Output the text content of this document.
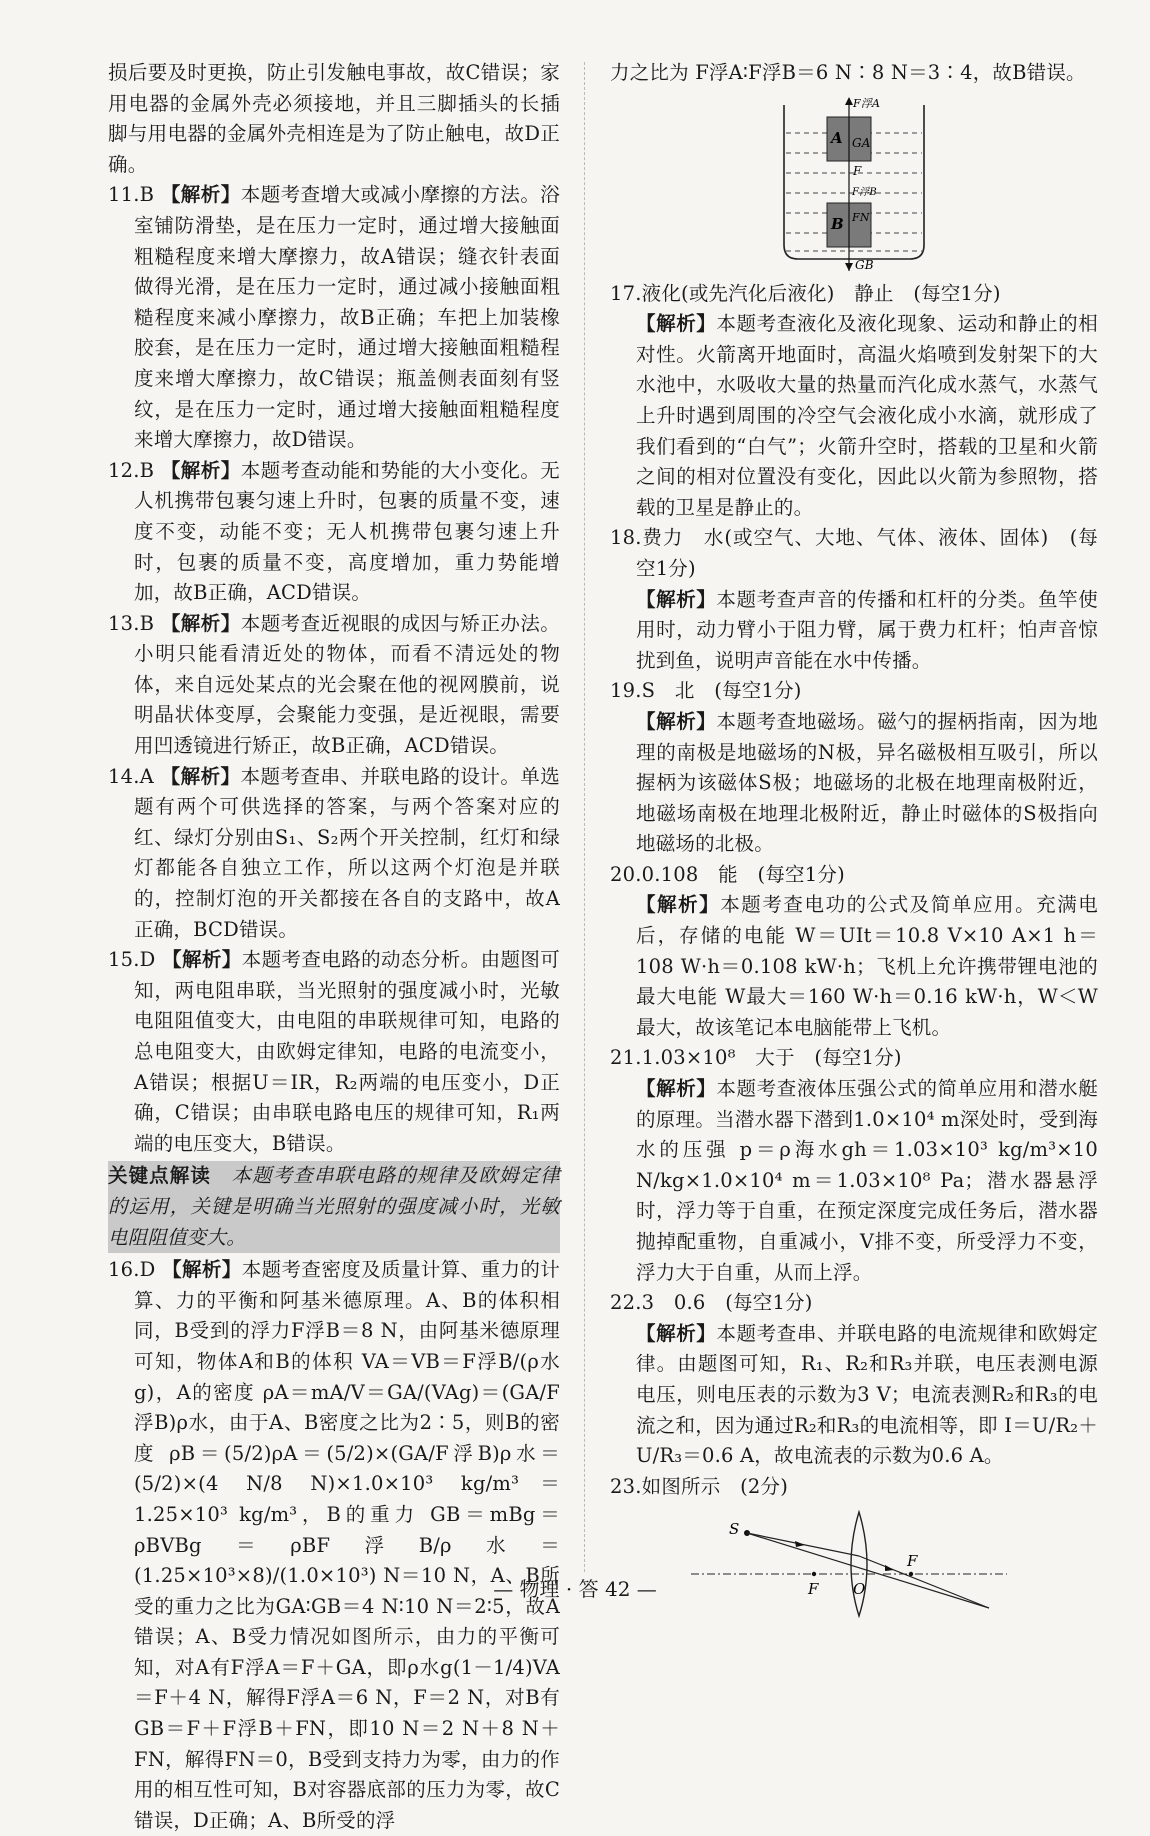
损后要及时更换，防止引发触电事故，故C错误；家用电器的金属外壳必须接地，并且三脚插头的长插脚与用电器的金属外壳相连是为了防止触电，故D正确。

11.B 【解析】本题考查增大或减小摩擦的方法。浴室铺防滑垫，是在压力一定时，通过增大接触面粗糙程度来增大摩擦力，故A错误；缝衣针表面做得光滑，是在压力一定时，通过减小接触面粗糙程度来减小摩擦力，故B正确；车把上加装橡胶套，是在压力一定时，通过增大接触面粗糙程度来增大摩擦力，故C错误；瓶盖侧表面刻有竖纹，是在压力一定时，通过增大接触面粗糙程度来增大摩擦力，故D错误。

12.B 【解析】本题考查动能和势能的大小变化。无人机携带包裹匀速上升时，包裹的质量不变，速度不变，动能不变；无人机携带包裹匀速上升时，包裹的质量不变，高度增加，重力势能增加，故B正确，ACD错误。

13.B 【解析】本题考查近视眼的成因与矫正办法。小明只能看清近处的物体，而看不清远处的物体，来自远处某点的光会聚在他的视网膜前，说明晶状体变厚，会聚能力变强，是近视眼，需要用凹透镜进行矫正，故B正确，ACD错误。

14.A 【解析】本题考查串、并联电路的设计。单选题有两个可供选择的答案，与两个答案对应的红、绿灯分别由S₁、S₂两个开关控制，红灯和绿灯都能各自独立工作，所以这两个灯泡是并联的，控制灯泡的开关都接在各自的支路中，故A正确，BCD错误。

15.D 【解析】本题考查电路的动态分析。由题图可知，两电阻串联，当光照射的强度减小时，光敏电阻阻值变大，由电阻的串联规律可知，电路的总电阻变大，由欧姆定律知，电路的电流变小，A错误；根据U＝IR，R₂两端的电压变小，D正确，C错误；由串联电路电压的规律可知，R₁两端的电压变大，B错误。

关键点解读　 本题考查串联电路的规律及欧姆定律的运用，关键是明确当光照射的强度减小时，光敏电阻阻值变大。

16.D 【解析】本题考查密度及质量计算、重力的计算、力的平衡和阿基米德原理。A、B的体积相同，B受到的浮力F浮B＝8 N，由阿基米德原理可知，物体A和B的体积 VA＝VB＝F浮B/(ρ水g)，A的密度 ρA＝mA/V＝GA/(VAg)＝(GA/F浮B)ρ水，由于A、B密度之比为2∶5，则B的密度 ρB＝(5/2)ρA＝(5/2)×(GA/F浮B)ρ水＝(5/2)×(4 N/8 N)×1.0×10³ kg/m³＝1.25×10³ kg/m³，B的重力 GB＝mBg＝ρBVBg＝ρBF浮B/ρ水＝(1.25×10³×8)/(1.0×10³) N＝10 N，A、B所受的重力之比为GA∶GB＝4 N∶10 N＝2∶5，故A错误；A、B受力情况如图所示，由力的平衡可知，对A有F浮A＝F＋GA，即ρ水g(1－1/4)VA＝F＋4 N，解得F浮A＝6 N，F＝2 N，对B有GB＝F＋F浮B＋FN，即10 N＝2 N＋8 N＋FN，解得FN＝0，B受到支持力为零，由力的作用的相互性可知，B对容器底部的压力为零，故C错误，D正确；A、B所受的浮

力之比为 F浮A∶F浮B＝6 N∶8 N＝3∶4，故B错误。

F浮A
A GA
F
F浮B
B FN
GB

17.液化(或先汽化后液化)　静止　(每空1分)

【解析】本题考查液化及液化现象、运动和静止的相对性。火箭离开地面时，高温火焰喷到发射架下的大水池中，水吸收大量的热量而汽化成水蒸气，水蒸气上升时遇到周围的冷空气会液化成小水滴，就形成了我们看到的“白气”；火箭升空时，搭载的卫星和火箭之间的相对位置没有变化，因此以火箭为参照物，搭载的卫星是静止的。

18.费力　水(或空气、大地、气体、液体、固体)　(每空1分)

【解析】本题考查声音的传播和杠杆的分类。鱼竿使用时，动力臂小于阻力臂，属于费力杠杆；怕声音惊扰到鱼，说明声音能在水中传播。

19.S　北　(每空1分)

【解析】本题考查地磁场。磁勺的握柄指南，因为地理的南极是地磁场的N极，异名磁极相互吸引，所以握柄为该磁体S极；地磁场的北极在地理南极附近，地磁场南极在地理北极附近，静止时磁体的S极指向地磁场的北极。

20.0.108　能　(每空1分)

【解析】本题考查电功的公式及简单应用。充满电后，存储的电能 W＝UIt＝10.8 V×10 A×1 h＝108 W·h＝0.108 kW·h；飞机上允许携带锂电池的最大电能 W最大＝160 W·h＝0.16 kW·h，W＜W最大，故该笔记本电脑能带上飞机。

21.1.03×10⁸　大于　(每空1分)

【解析】本题考查液体压强公式的简单应用和潜水艇的原理。当潜水器下潜到1.0×10⁴ m深处时，受到海水的压强 p＝ρ海水gh＝1.03×10³ kg/m³×10 N/kg×1.0×10⁴ m＝1.03×10⁸ Pa；潜水器悬浮时，浮力等于自重，在预定深度完成任务后，潜水器抛掉配重物，自重减小，V排不变，所受浮力不变，浮力大于自重，从而上浮。

22.3　0.6　(每空1分)

【解析】本题考查串、并联电路的电流规律和欧姆定律。由题图可知，R₁、R₂和R₃并联，电压表测电源电压，则电压表的示数为3 V；电流表测R₂和R₃的电流之和，因为通过R₂和R₃的电流相等，即 I＝U/R₂＋U/R₃＝0.6 A，故电流表的示数为0.6 A。

23.如图所示　(2分)

S
F O
F
— 物理 · 答 42 —
